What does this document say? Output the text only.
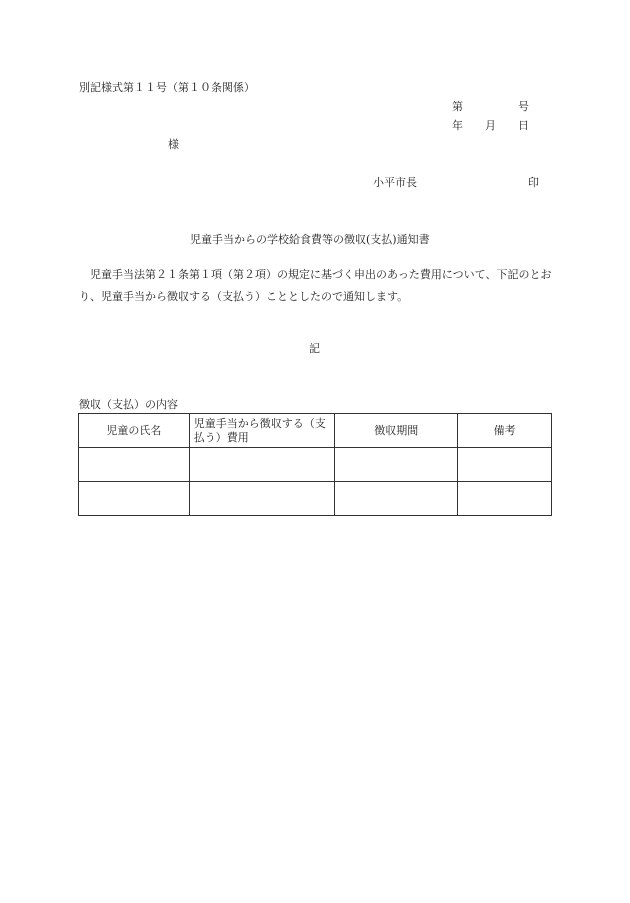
別記様式第１１号（第１０条関係）
第	号
年 月 日
様
小平市長	印
児童手当からの学校給食費等の徴収(支払)通知書

児童手当法第２１条第１項（第２項）の規定に基づく申出のあった費用について、下記のとおり、児童手当から徴収する（支払う）こととしたので通知します。

記
徴収（支払）の内容
児童の氏名	児童手当から徴収する（支払う）費用	徴収期間	備考
